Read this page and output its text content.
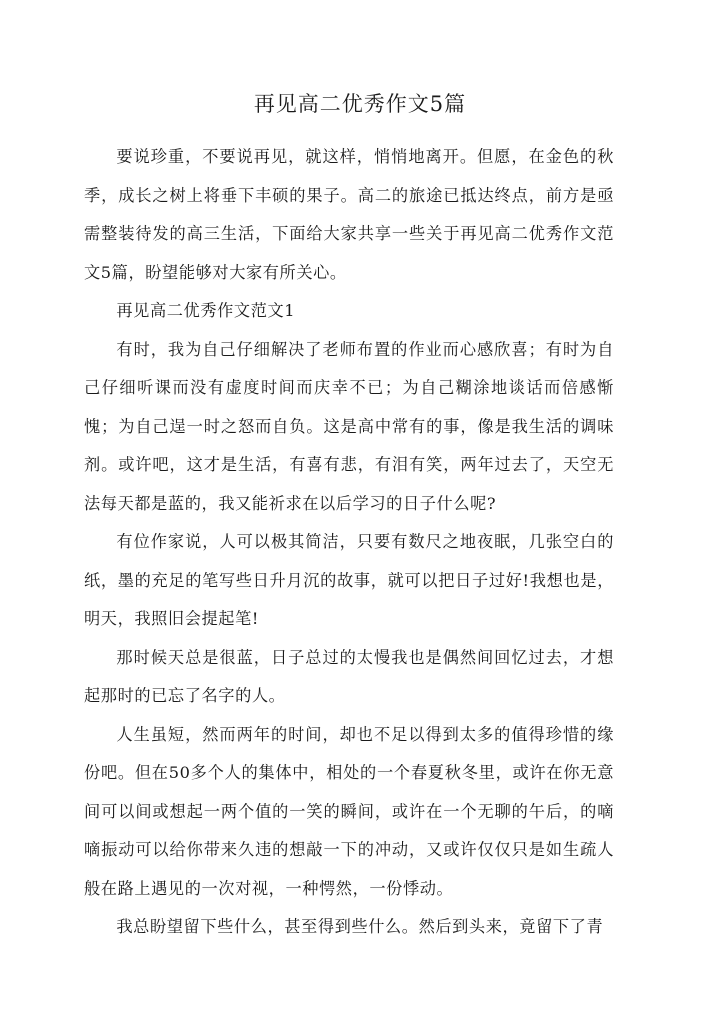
再见高二优秀作文5篇

要说珍重，不要说再见，就这样，悄悄地离开。但愿，在金色的秋季，成长之树上将垂下丰硕的果子。高二的旅途已抵达终点，前方是亟需整装待发的高三生活，下面给大家共享一些关于再见高二优秀作文范文5篇，盼望能够对大家有所关心。

再见高二优秀作文范文1

有时，我为自己仔细解决了老师布置的作业而心感欣喜；有时为自己仔细听课而没有虚度时间而庆幸不已；为自己糊涂地谈话而倍感惭愧；为自己逞一时之怒而自负。这是高中常有的事，像是我生活的调味剂。或许吧，这才是生活，有喜有悲，有泪有笑，两年过去了，天空无法每天都是蓝的，我又能祈求在以后学习的日子什么呢?

有位作家说，人可以极其简洁，只要有数尺之地夜眠，几张空白的纸，墨的充足的笔写些日升月沉的故事，就可以把日子过好!我想也是，明天，我照旧会提起笔!

那时候天总是很蓝，日子总过的太慢我也是偶然间回忆过去，才想起那时的已忘了名字的人。

人生虽短，然而两年的时间，却也不足以得到太多的值得珍惜的缘份吧。但在50多个人的集体中，相处的一个春夏秋冬里，或许在你无意间可以间或想起一两个值的一笑的瞬间，或许在一个无聊的午后，的嘀嘀振动可以给你带来久违的想敲一下的冲动，又或许仅仅只是如生疏人般在路上遇见的一次对视，一种愕然，一份悸动。

我总盼望留下些什么，甚至得到些什么。然后到头来，竟留下了青
